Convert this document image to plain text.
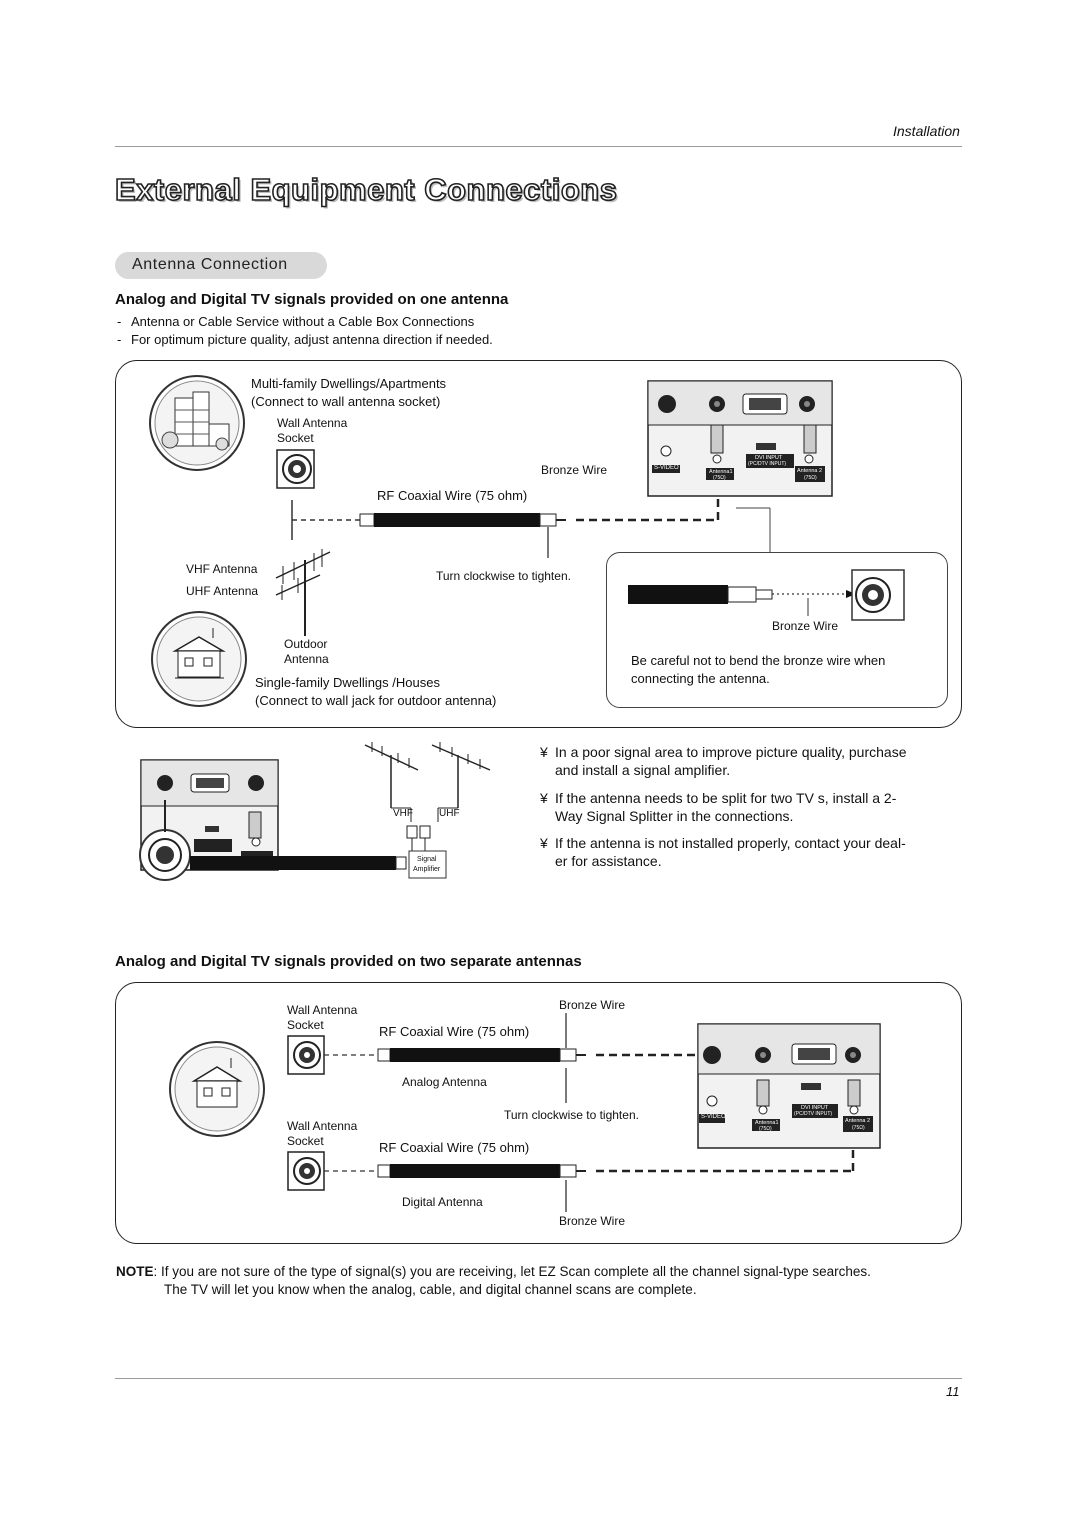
Installation
External Equipment Connections
Antenna Connection
Analog and Digital TV signals provided on one antenna
- Antenna or Cable Service without a Cable Box Connections
- For optimum picture quality, adjust antenna direction if needed.
Multi-family Dwellings/Apartments
(Connect to wall antenna socket)
Wall Antenna
Socket
Bronze Wire
RF Coaxial Wire (75 ohm)
VHF Antenna
UHF Antenna
Turn clockwise to tighten.
Outdoor
Antenna
Single-family Dwellings /Houses
(Connect to wall jack for outdoor antenna)
Bronze Wire
Be careful not to bend the bronze wire when
connecting the antenna.
S-VIDEO
DVI INPUT
(PC/DTV INPUT)
Antenna1
(75Ω)
Antenna 2
(75Ω)
VHF	UHF
Signal
Amplifier
¥ In a poor signal area to improve picture quality, purchase
and install a signal amplifier.
¥ If the antenna needs to be split for two TV s, install a 2-
Way Signal Splitter in the connections.
¥ If the antenna is not installed properly, contact your deal-
er for assistance.
Analog and Digital TV signals provided on two separate antennas
Wall Antenna
Socket
Bronze Wire
RF Coaxial Wire (75 ohm)
Analog Antenna
Turn clockwise to tighten.
Wall Antenna
Socket	RF Coaxial Wire (75 ohm)
Digital Antenna
Bronze Wire
S-VIDEO
DVI INPUT
(PC/DTV INPUT)
Antenna1
(75Ω)
Antenna 2
(75Ω)
NOTE: If you are not sure of the type of signal(s) you are receiving, let EZ Scan complete all the channel signal-type searches.
The TV will let you know when the analog, cable, and digital channel scans are complete.
11
